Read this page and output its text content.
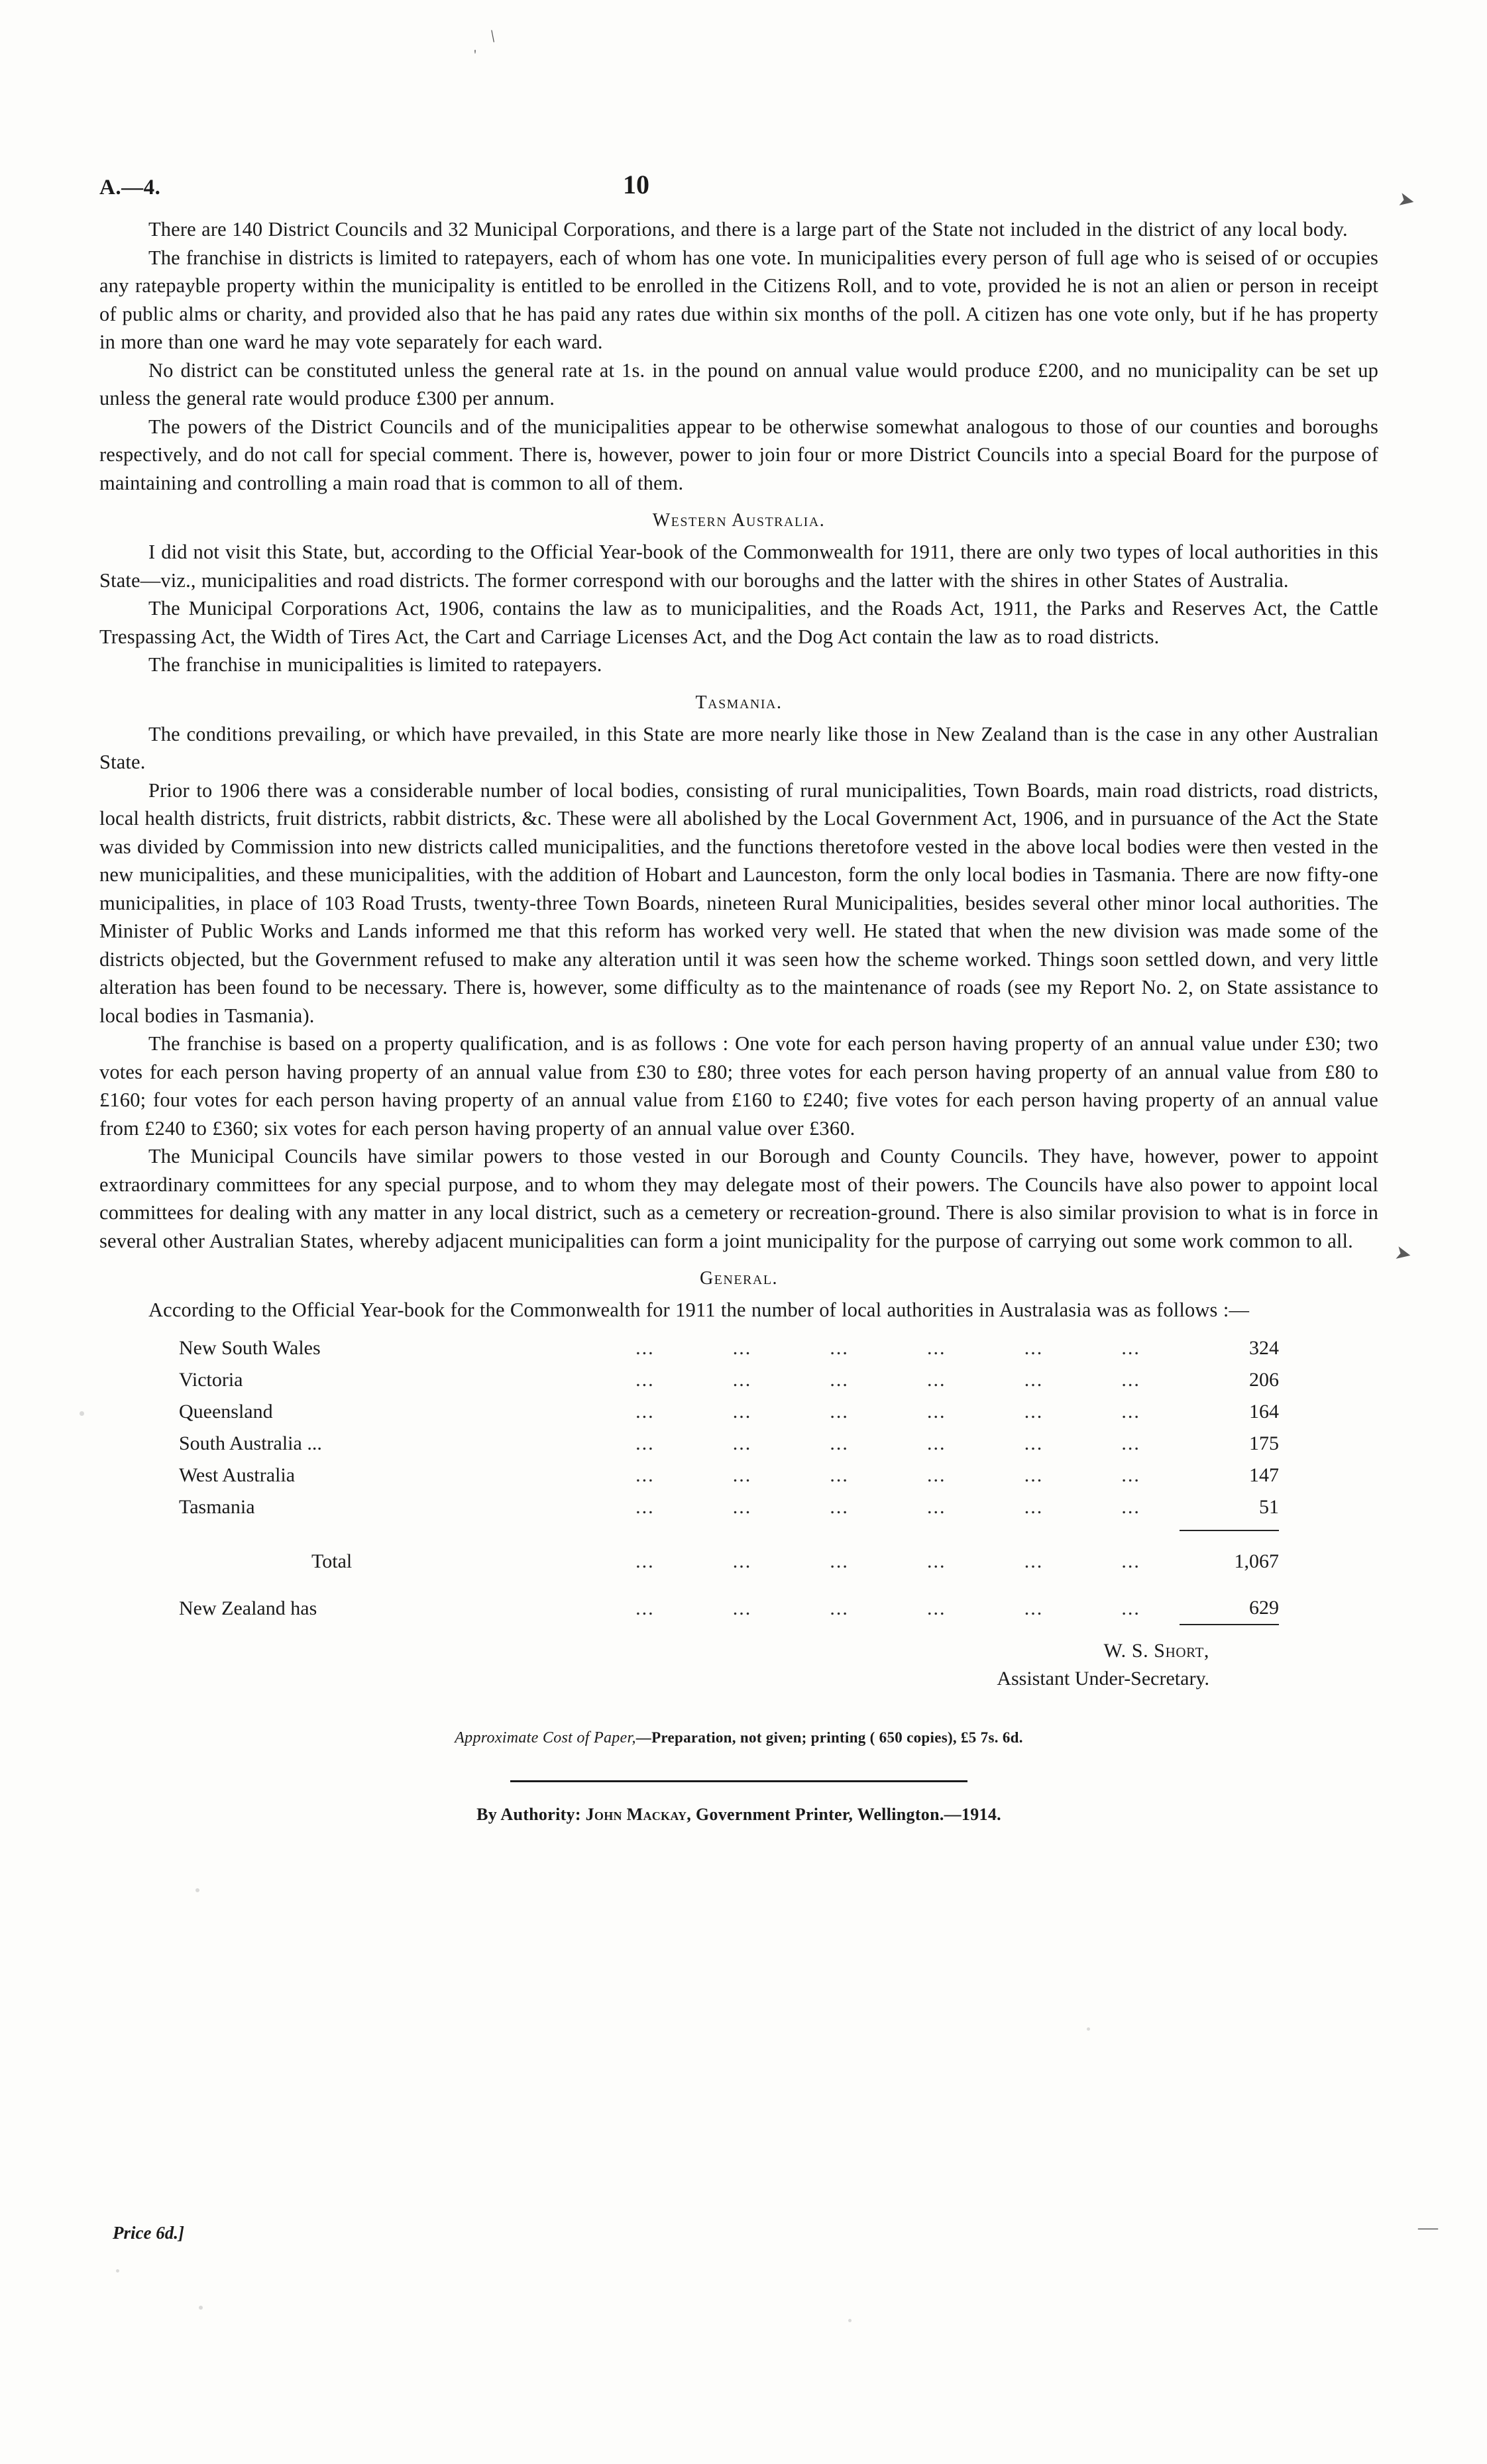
\
'
➤
➤
—
A.—4.	10

There are 140 District Councils and 32 Municipal Corporations, and there is a large part of the State not included in the district of any local body.

The franchise in districts is limited to ratepayers, each of whom has one vote. In municipalities every person of full age who is seised of or occupies any ratepayble property within the municipality is entitled to be enrolled in the Citizens Roll, and to vote, provided he is not an alien or person in receipt of public alms or charity, and provided also that he has paid any rates due within six months of the poll. A citizen has one vote only, but if he has property in more than one ward he may vote separately for each ward.

No district can be constituted unless the general rate at 1s. in the pound on annual value would produce £200, and no municipality can be set up unless the general rate would produce £300 per annum.

The powers of the District Councils and of the municipalities appear to be otherwise somewhat analogous to those of our counties and boroughs respectively, and do not call for special comment. There is, however, power to join four or more District Councils into a special Board for the purpose of maintaining and controlling a main road that is common to all of them.

Western Australia.

I did not visit this State, but, according to the Official Year-book of the Commonwealth for 1911, there are only two types of local authorities in this State—viz., municipalities and road districts. The former correspond with our boroughs and the latter with the shires in other States of Australia.

The Municipal Corporations Act, 1906, contains the law as to municipalities, and the Roads Act, 1911, the Parks and Reserves Act, the Cattle Trespassing Act, the Width of Tires Act, the Cart and Carriage Licenses Act, and the Dog Act contain the law as to road districts.

The franchise in municipalities is limited to ratepayers.

Tasmania.

The conditions prevailing, or which have prevailed, in this State are more nearly like those in New Zealand than is the case in any other Australian State.

Prior to 1906 there was a considerable number of local bodies, consisting of rural municipalities, Town Boards, main road districts, road districts, local health districts, fruit districts, rabbit districts, &c. These were all abolished by the Local Government Act, 1906, and in pursuance of the Act the State was divided by Commission into new districts called municipalities, and the functions theretofore vested in the above local bodies were then vested in the new municipalities, and these municipalities, with the addition of Hobart and Launceston, form the only local bodies in Tasmania. There are now fifty-one municipalities, in place of 103 Road Trusts, twenty-three Town Boards, nineteen Rural Municipalities, besides several other minor local authorities. The Minister of Public Works and Lands informed me that this reform has worked very well. He stated that when the new division was made some of the districts objected, but the Government refused to make any alteration until it was seen how the scheme worked. Things soon settled down, and very little alteration has been found to be necessary. There is, however, some difficulty as to the maintenance of roads (see my Report No. 2, on State assistance to local bodies in Tasmania).

The franchise is based on a property qualification, and is as follows : One vote for each person having property of an annual value under £30; two votes for each person having property of an annual value from £30 to £80; three votes for each person having property of an annual value from £80 to £160; four votes for each person having property of an annual value from £160 to £240; five votes for each person having property of an annual value from £240 to £360; six votes for each person having property of an annual value over £360.

The Municipal Councils have similar powers to those vested in our Borough and County Councils. They have, however, power to appoint extraordinary committees for any special purpose, and to whom they may delegate most of their powers. The Councils have also power to appoint local committees for dealing with any matter in any local district, such as a cemetery or recreation-ground. There is also similar provision to what is in force in several other Australian States, whereby adjacent municipalities can form a joint municipality for the purpose of carrying out some work common to all.

General.

According to the Official Year-book for the Commonwealth for 1911 the number of local authorities in Australasia was as follows :—

New South Wales	...	...	...	...	...	...	324
Victoria	...	...	...	...	...	...	206
Queensland	...	...	...	...	...	...	164
South Australia ...	...	...	...	...	...	...	175
West Australia	...	...	...	...	...	...	147
Tasmania	...	...	...	...	...	...	51

Total	...	...	...	...	...	...	1,067
New Zealand has	...	...	...	...	...	...	629
W. S. Short,
Assistant Under-Secretary.
Approximate Cost of Paper,—Preparation, not given; printing ( 650 copies), £5 7s. 6d.
By Authority: John Mackay, Government Printer, Wellington.—1914.
Price 6d.]
